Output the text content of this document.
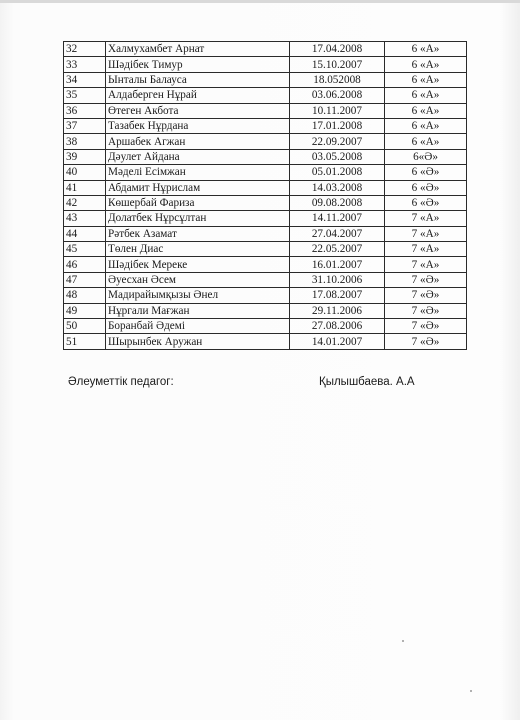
32	Халмухамбет Арнат	17.04.2008	6 «А»
33	Шәдібек Тимур	15.10.2007	6 «А»
34	Ынталы Балауса	18.052008	6 «А»
35	Алдаберген Нұрай	03.06.2008	6 «А»
36	Өтеген Акбота	10.11.2007	6 «А»
37	Тазабек Нұрдана	17.01.2008	6 «А»
38	Аршабек Агжан	22.09.2007	6 «А»
39	Дәулет Айдана	03.05.2008	6«Ә»
40	Мәделі Есімжан	05.01.2008	6 «Ә»
41	Абдамит Нұрислам	14.03.2008	6 «Ә»
42	Көшербай Фаризa	09.08.2008	6 «Ә»
43	Долатбек Нұрсұлтан	14.11.2007	7 «А»
44	Рәтбек Азамат	27.04.2007	7 «А»
45	Төлен Диас	22.05.2007	7 «А»
46	Шәдібек Мереке	16.01.2007	7 «А»
47	Әуесхан Әсем	31.10.2006	7 «Ә»
48	Мадирайымқызы Әнел	17.08.2007	7 «Ә»
49	Нұргали Мағжан	29.11.2006	7 «Ә»
50	Боранбай Әдемі	27.08.2006	7 «Ә»
51	Шырынбек Аружан	14.01.2007	7 «Ә»
Әлеуметтік педагог:	Қылышбаева. А.А
